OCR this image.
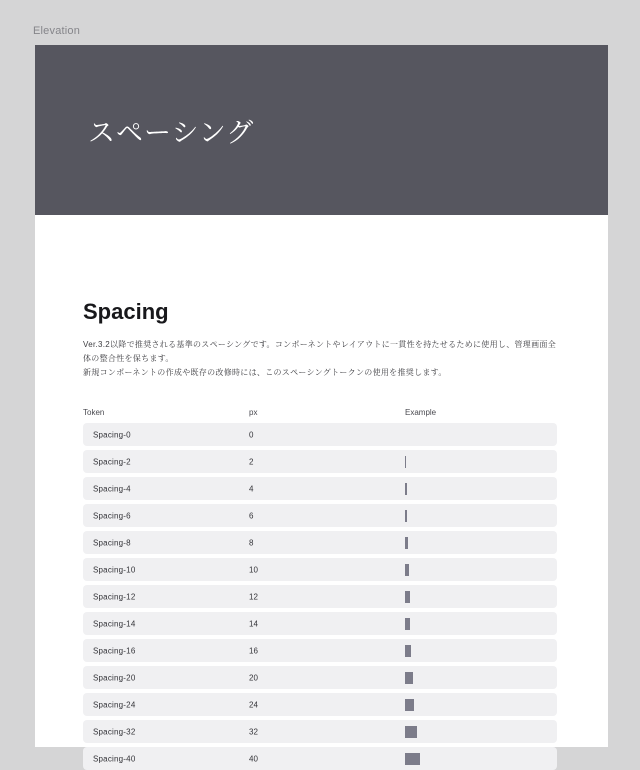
Elevation
スペーシング
Spacing
Ver.3.2以降で推奨される基準のスペーシングです。コンポーネントやレイアウトに一貫性を持たせるために使用し、管理画面全体の整合性を保ちます。
新規コンポーネントの作成や既存の改修時には、このスペーシングトークンの使用を推奨します。
Token	px	Example
Spacing-0	0
Spacing-2	2
Spacing-4	4
Spacing-6	6
Spacing-8	8
Spacing-10	10
Spacing-12	12
Spacing-14	14
Spacing-16	16
Spacing-20	20
Spacing-24	24
Spacing-32	32
Spacing-40	40
